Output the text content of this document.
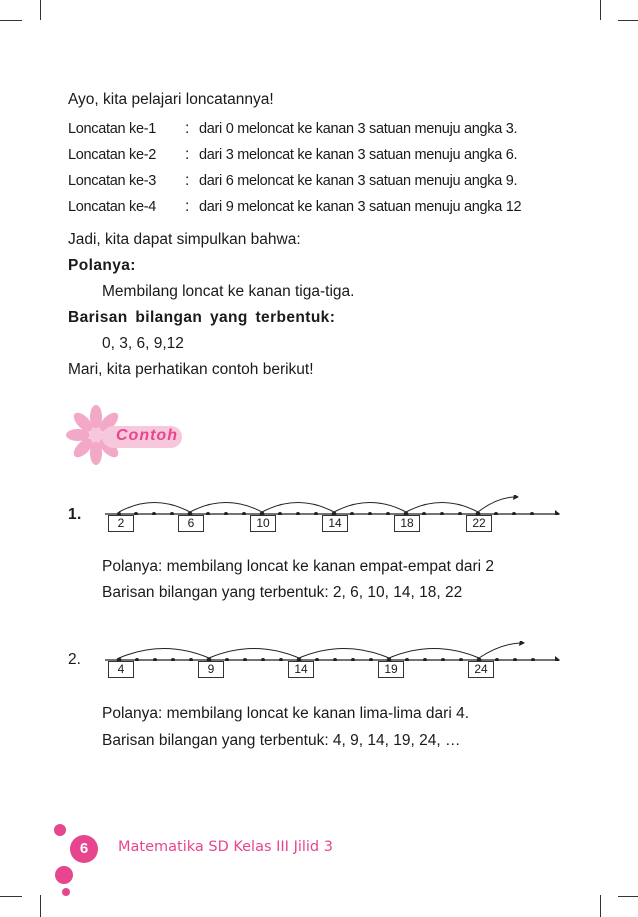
Ayo, kita pelajari loncatannya!
Loncatan ke-1 : dari 0 meloncat ke kanan 3 satuan menuju angka 3.
Loncatan ke-2 : dari 3 meloncat ke kanan 3 satuan menuju angka 6.
Loncatan ke-3 : dari 6 meloncat ke kanan 3 satuan menuju angka 9.
Loncatan ke-4 : dari 9 meloncat ke kanan 3 satuan menuju angka 12
Jadi, kita dapat simpulkan bahwa:
Polanya:
Membilang loncat ke kanan tiga-tiga.
Barisan bilangan yang terbentuk:
0, 3, 6, 9,12
Mari, kita perhatikan contoh berikut!
Contoh
1.	2	6	10	14	18	22
Polanya: membilang loncat ke kanan empat-empat dari 2
Barisan bilangan yang terbentuk: 2, 6, 10, 14, 18, 22
2.
4	9	14	19	24
Polanya: membilang loncat ke kanan lima-lima dari 4.
Barisan bilangan yang terbentuk: 4, 9, 14, 19, 24, …
6	Matematika SD Kelas III Jilid 3
